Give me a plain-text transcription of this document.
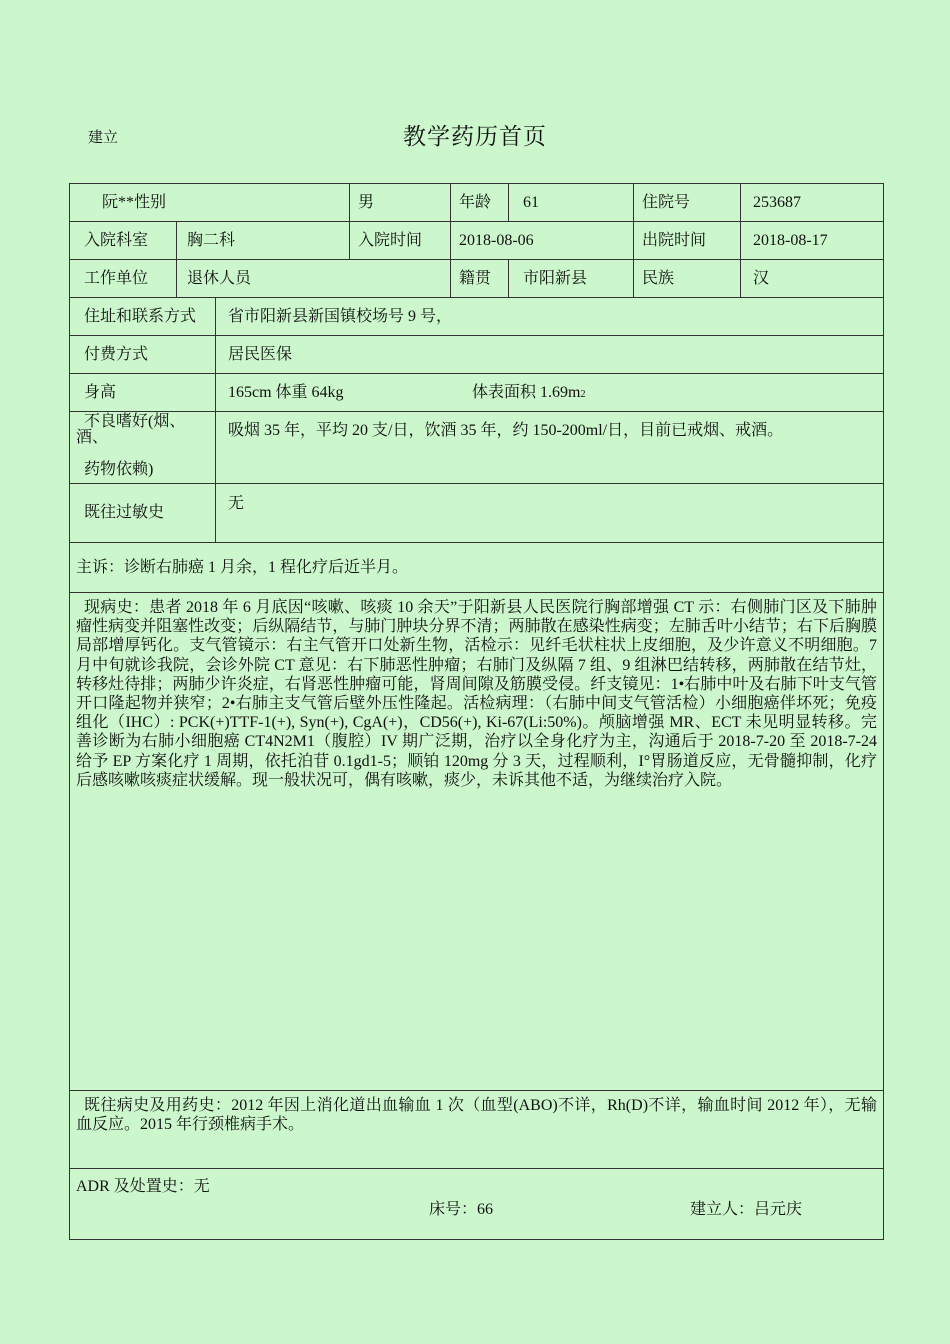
建立	教学药历首页
阮**性别			男	年龄	61	住院号	253687
入院科室	胸二科		入院时间	2018-08-06		出院时间	2018-08-17
工作单位	退休人员			籍贯	市阳新县	民族	汉
住址和联系方式		省市阳新县新国镇校场号 9 号，					
付费方式		居民医保					
身高		165cm 体重 64kg 体表面积 1.69m2					

不良嗜好(烟、
酒、
药物依赖)		吸烟 35 年，平均 20 支/日，饮酒 35 年，约 150-200ml/日，目前已戒烟、戒酒。					
既往过敏史		无					
主诉：诊断右肺癌 1 月余，1 程化疗后近半月。							
现病史：患者 2018 年 6 月底因“咳嗽、咳痰 10 余天”于阳新县人民医院行胸部增强 CT 示：右侧肺门区及下肺肿瘤性病变并阻塞性改变；后纵隔结节，与肺门肿块分界不清；两肺散在感染性病变；左肺舌叶小结节；右下后胸膜局部增厚钙化。支气管镜示：右主气管开口处新生物，活检示：见纤毛状柱状上皮细胞，及少许意义不明细胞。7 月中旬就诊我院，会诊外院 CT 意见：右下肺恶性肿瘤；右肺门及纵隔 7 组、9 组淋巴结转移，两肺散在结节灶，转移灶待排；两肺少许炎症，右肾恶性肿瘤可能，肾周间隙及筋膜受侵。纤支镜见：1•右肺中叶及右肺下叶支气管开口隆起物并狭窄；2•右肺主支气管后壁外压性隆起。活检病理：（右肺中间支气管活检）小细胞癌伴坏死；免疫组化（IHC）: PCK(+)TTF-1(+), Syn(+), CgA(+)，CD56(+), Ki-67(Li:50%)。颅脑增强 MR、ECT 未见明显转移。完善诊断为右肺小细胞癌 CT4N2M1（腹腔）IV 期广泛期，治疗以全身化疗为主，沟通后于 2018-7-20 至 2018-7-24 给予 EP 方案化疗 1 周期，依托泊苷 0.1gd1-5；顺铂 120mg 分 3 天，过程顺利，I°胃肠道反应，无骨髓抑制，化疗后感咳嗽咳痰症状缓解。现一般状况可，偶有咳嗽，痰少，未诉其他不适，为继续治疗入院。							
既往病史及用药史：2012 年因上消化道出血输血 1 次（血型(ABO)不详，Rh(D)不详，输血时间 2012 年），无输血反应。2015 年行颈椎病手术。							
ADR 及处置史：无							
床号：66	建立人：吕元庆
